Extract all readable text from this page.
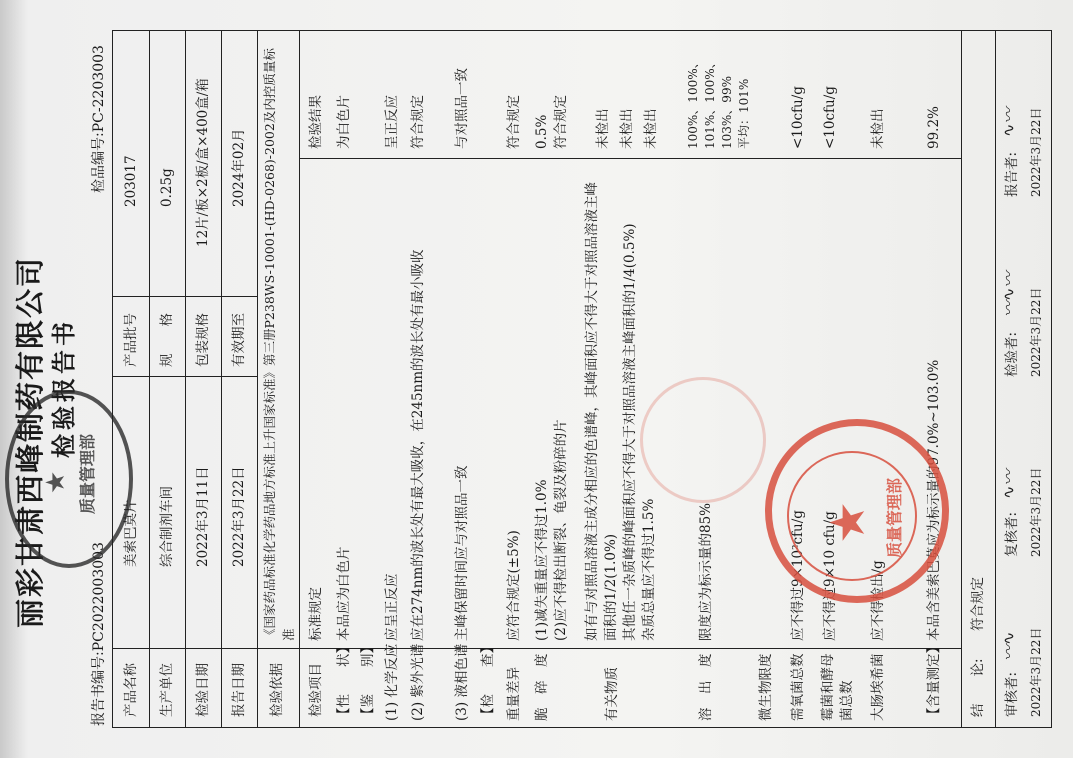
丽彩甘肃西峰制药有限公司 检验报告书
报告书编号:PC2022003003
检品编号:PC-2203003
质量管理部
★
产品名称
美索巴莫片
产品批号
203017
生产单位
综合制剂车间
规　　格
0.25g
检验日期
2022年3月11日
包装规格
12片/板×2板/盒×400盒/箱
报告日期
2022年3月22日
有效期至
2024年02月
检验依据
《国家药品标准化学药品地方标准上升国家标准》第三册P238WS-10001-(HD-0268)-2002及内控质量标准
检验项目
标准规定
检验结果
【性　　状】
本品应为白色片
为白色片
【鉴　　别】 (1) 化学反应
应呈正反应
呈正反应
(2) 紫外光谱
应在274nm的波长处有最大吸收，在245nm的波长处有最小吸收
符合规定
(3) 液相色谱
主峰保留时间应与对照品一致
与对照品一致
【检　　查】 重量差异
应符合规定(±5%)
符合规定
脆　碎　度
(1)减失重量应不得过1.0%
(2)应不得检出断裂、龟裂及粉碎的片
0.5%
符合规定
有关物质
如有与对照品溶液主成分相应的色谱峰，其峰面积应不得大于对照品溶液主峰面积的1/2(1.0%)
其他任一杂质峰的峰面积应不得大于对照品溶液主峰面积的1/4(0.5%)
杂质总量应不得过1.5%
未检出
未检出
未检出
溶　出　度
限度应为标示量的85%
100%、100%、101%、100%、103%、99%
平均：101%
微生物限度 需氧菌总数
应不得过9×10²cfu/g
<10cfu/g
霉菌和酵母菌总数
应不得过9×10 cfu/g
<10cfu/g
大肠埃希菌
应不得检出/g
未检出
【含量测定】
本品含美索巴莫应为标示量的97.0%~103.0%
99.2%
结　　论:
符合规定
审核者:
〰∿
复核者:
∿〰
检验者:
〰∿〰
报告者:
∿〰
2022年3月22日
2022年3月22日
2022年3月22日
2022年3月22日
★ 质量管理部
